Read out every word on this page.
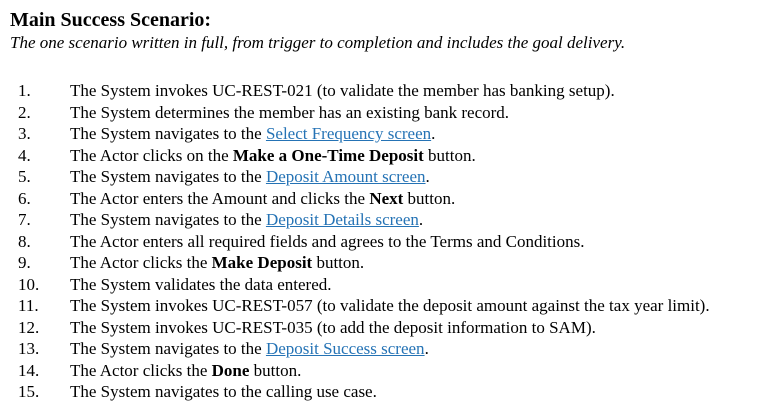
Main Success Scenario:

The one scenario written in full, from trigger to completion and includes the goal delivery.

1.	The System invokes UC-REST-021 (to validate the member has banking setup).
2.	The System determines the member has an existing bank record.
3.	The System navigates to the Select Frequency screen.
4.	The Actor clicks on the Make a One-Time Deposit button.
5.	The System navigates to the Deposit Amount screen.
6.	The Actor enters the Amount and clicks the Next button.
7.	The System navigates to the Deposit Details screen.
8.	The Actor enters all required fields and agrees to the Terms and Conditions.
9.	The Actor clicks the Make Deposit button.
10.	The System validates the data entered.
11.	The System invokes UC-REST-057 (to validate the deposit amount against the tax year limit).
12.	The System invokes UC-REST-035 (to add the deposit information to SAM).
13.	The System navigates to the Deposit Success screen.
14.	The Actor clicks the Done button.
15.	The System navigates to the calling use case.
